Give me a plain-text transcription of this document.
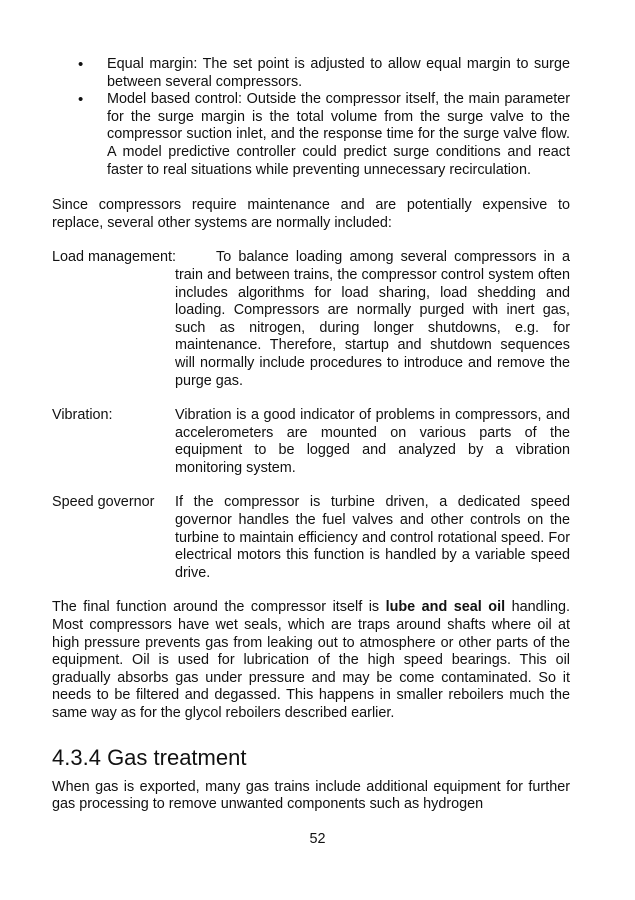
• Equal margin: The set point is adjusted to allow equal margin to surge between several compressors.
• Model based control: Outside the compressor itself, the main parameter for the surge margin is the total volume from the surge valve to the compressor suction inlet, and the response time for the surge valve flow. A model predictive controller could predict surge conditions and react faster to real situations while preventing unnecessary recirculation.

Since compressors require maintenance and are potentially expensive to replace, several other systems are normally included:

Load management:	To balance loading among several compressors in a
train and between trains, the compressor control system often includes algorithms for load sharing, load shedding and loading. Compressors are normally purged with inert gas, such as nitrogen, during longer shutdowns, e.g. for maintenance. Therefore, startup and shutdown sequences will normally include procedures to introduce and remove the purge gas.
Vibration:	Vibration is a good indicator of problems in compressors, and accelerometers are mounted on various parts of the equipment to be logged and analyzed by a vibration monitoring system.
Speed governor	If the compressor is turbine driven, a dedicated speed governor handles the fuel valves and other controls on the turbine to maintain efficiency and control rotational speed. For electrical motors this function is handled by a variable speed drive.

The final function around the compressor itself is lube and seal oil handling. Most compressors have wet seals, which are traps around shafts where oil at high pressure prevents gas from leaking out to atmosphere or other parts of the equipment. Oil is used for lubrication of the high speed bearings. This oil gradually absorbs gas under pressure and may be come contaminated. So it needs to be filtered and degassed. This happens in smaller reboilers much the same way as for the glycol reboilers described earlier.

4.3.4 Gas treatment

When gas is exported, many gas trains include additional equipment for further gas processing to remove unwanted components such as hydrogen

52
